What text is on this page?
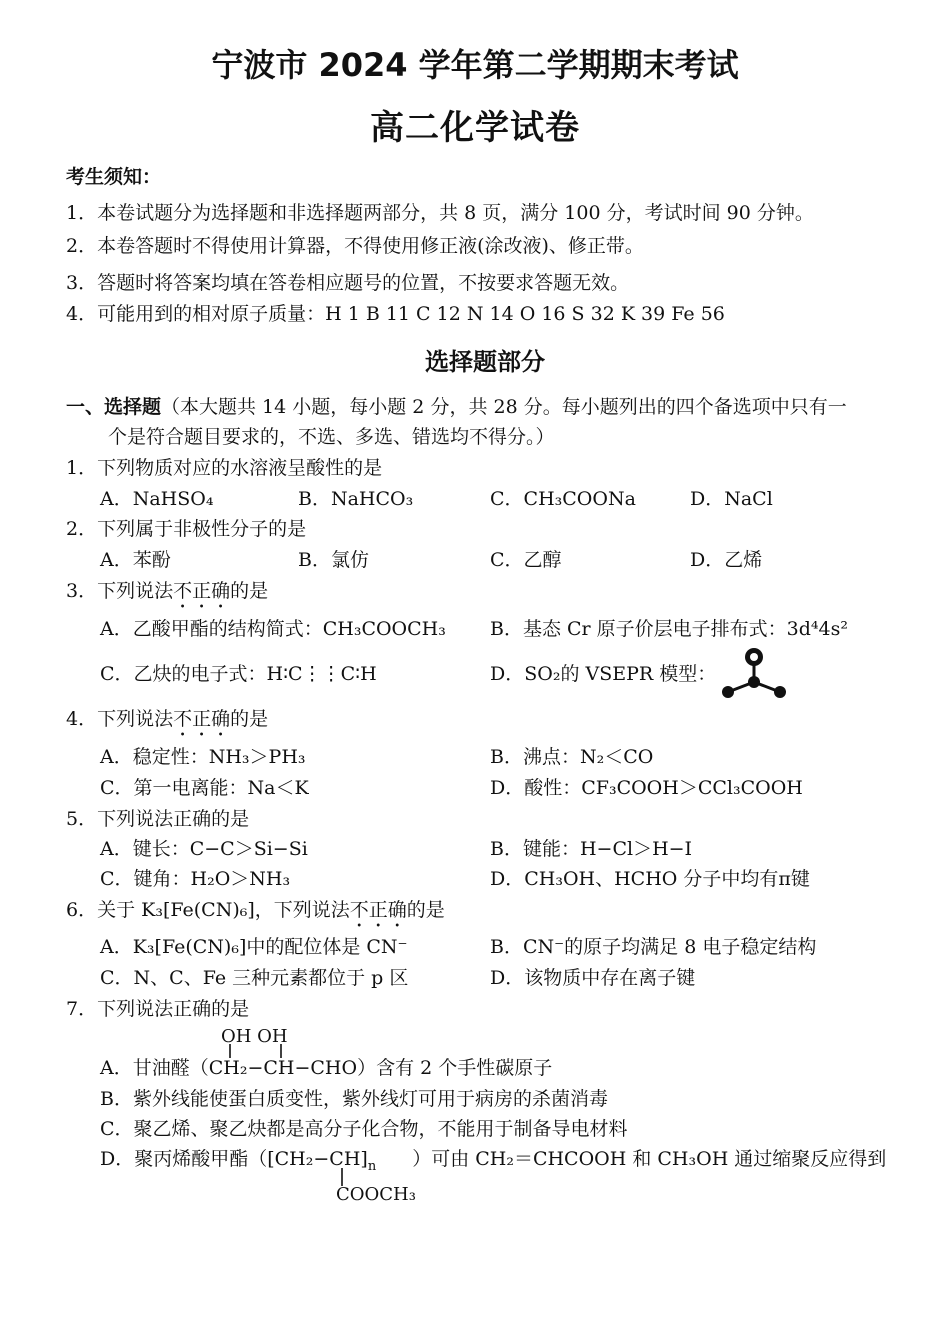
宁波市 2024 学年第二学期期末考试
高二化学试卷
考生须知：
1．本卷试题分为选择题和非选择题两部分，共 8 页，满分 100 分，考试时间 90 分钟。
2．本卷答题时不得使用计算器，不得使用修正液(涂改液)、修正带。
3．答题时将答案均填在答卷相应题号的位置，不按要求答题无效。
4．可能用到的相对原子质量：H 1 B 11 C 12 N 14 O 16 S 32 K 39 Fe 56
选择题部分
一、选择题（本大题共 14 小题，每小题 2 分，共 28 分。每小题列出的四个备选项中只有一
个是符合题目要求的，不选、多选、错选均不得分。）
1．下列物质对应的水溶液呈酸性的是
A．NaHSO₄	B．NaHCO₃	C．CH₃COONa	D．NaCl
2．下列属于非极性分子的是
A．苯酚	B．氯仿	C．乙醇	D．乙烯
3．下列说法不正确的是
A．乙酸甲酯的结构简式：CH₃COOCH₃ B．基态 Cr 原子价层电子排布式：3d⁴4s²
C．乙炔的电子式：H∶C⋮⋮C∶H	D．SO₂的 VSEPR 模型：
4．下列说法不正确的是
A．稳定性：NH₃＞PH₃	B．沸点：N₂＜CO
C．第一电离能：Na＜K	D．酸性：CF₃COOH＞CCl₃COOH
5．下列说法正确的是
A．键长：C−C＞Si−Si	B．键能：H−Cl＞H−I
C．键角：H₂O＞NH₃	D．CH₃OH、HCHO 分子中均有π键
6．关于 K₃[Fe(CN)₆]，下列说法不正确的是
A．K₃[Fe(CN)₆]中的配位体是 CN⁻	B．CN⁻的原子均满足 8 电子稳定结构
C．N、C、Fe 三种元素都位于 p 区	D．该物质中存在离子键
7．下列说法正确的是
OH OH
A．甘油醛（CH₂−CH−CHO）含有 2 个手性碳原子
B．紫外线能使蛋白质变性，紫外线灯可用于病房的杀菌消毒
C．聚乙烯、聚乙炔都是高分子化合物，不能用于制备导电材料
D．聚丙烯酸甲酯（$[CH_2-CH]_n$ ）可由 CH₂＝CHCOOH 和 CH₃OH 通过缩聚反应得到
COOCH₃
